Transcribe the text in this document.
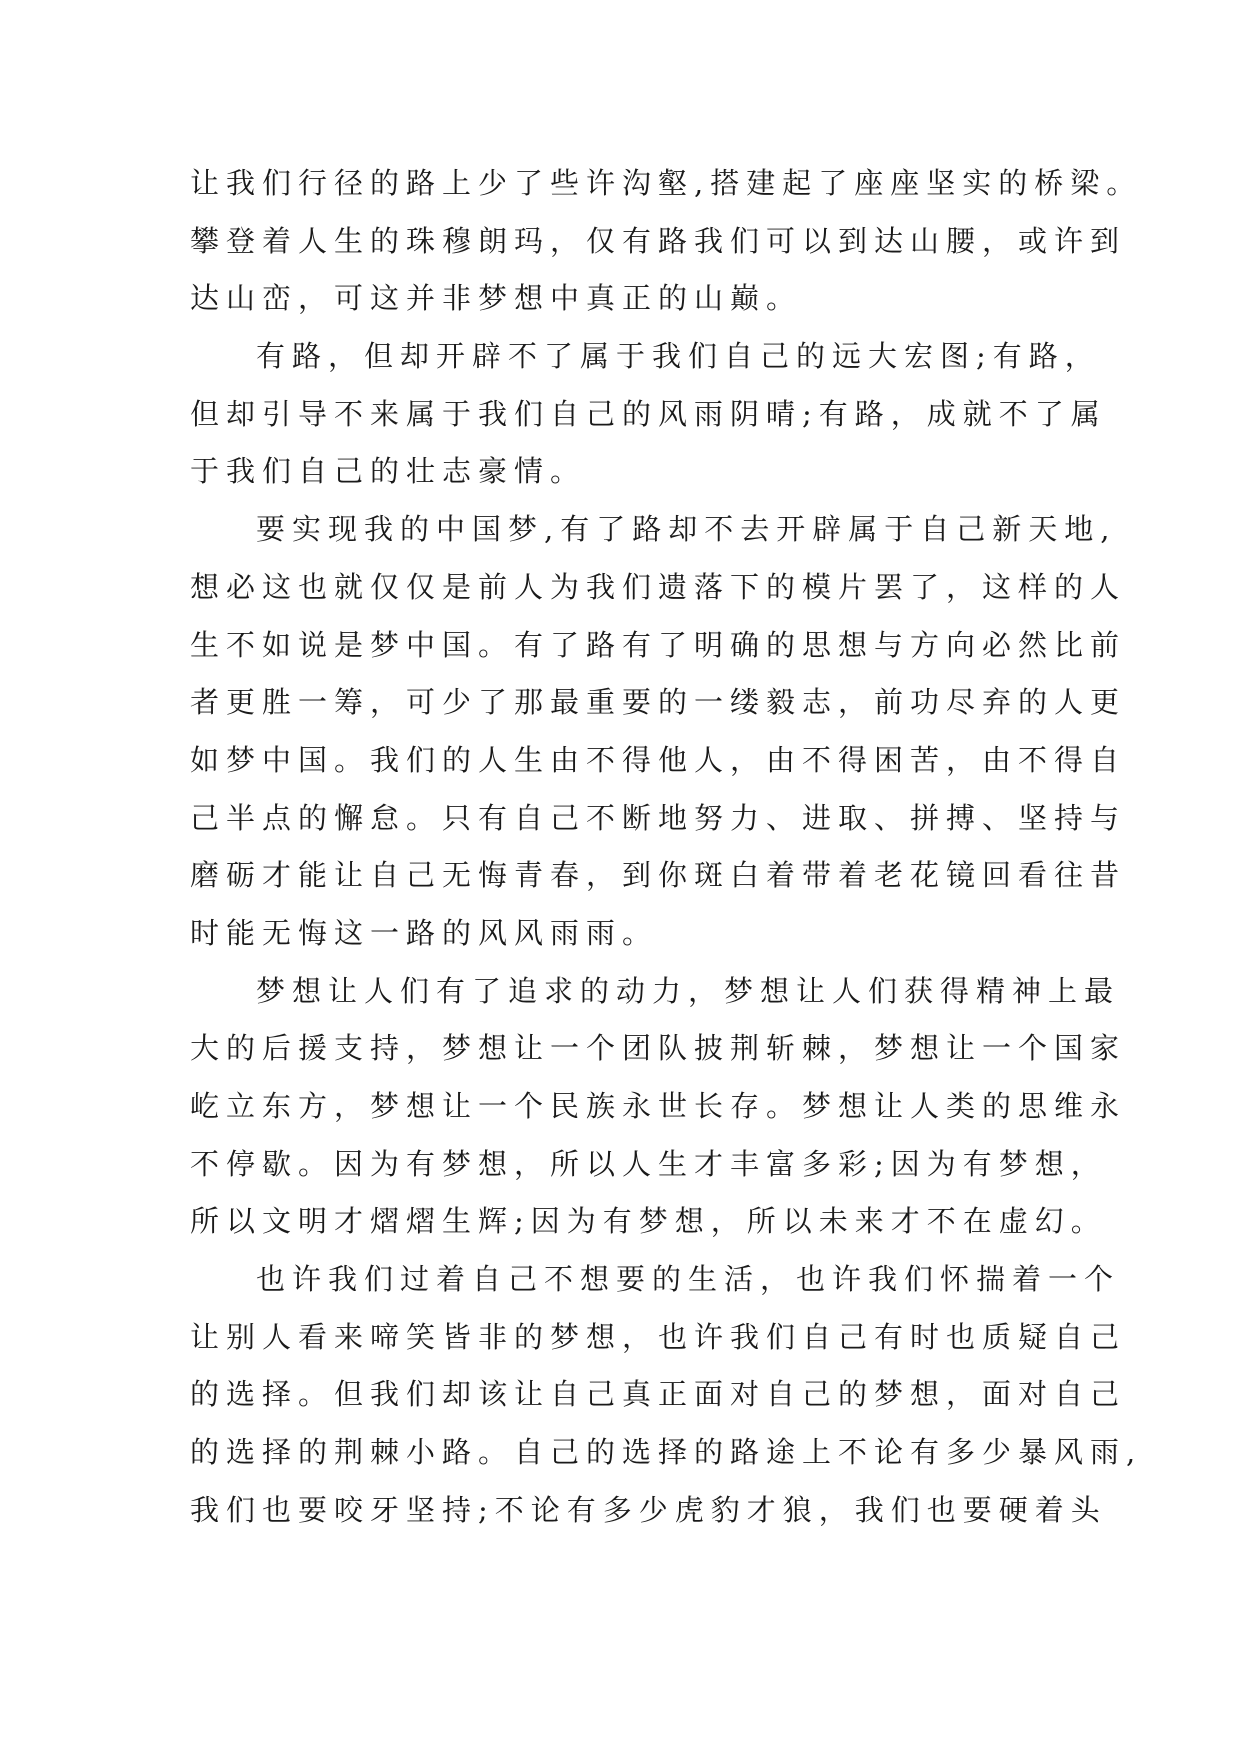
让我们行径的路上少了些许沟壑,搭建起了座座坚实的桥梁。
攀登着人生的珠穆朗玛，仅有路我们可以到达山腰，或许到
达山峦，可这并非梦想中真正的山巅。
有路，但却开辟不了属于我们自己的远大宏图;有路，
但却引导不来属于我们自己的风雨阴晴;有路，成就不了属
于我们自己的壮志豪情。
要实现我的中国梦,有了路却不去开辟属于自己新天地,
想必这也就仅仅是前人为我们遗落下的模片罢了，这样的人
生不如说是梦中国。有了路有了明确的思想与方向必然比前
者更胜一筹，可少了那最重要的一缕毅志，前功尽弃的人更
如梦中国。我们的人生由不得他人，由不得困苦，由不得自
己半点的懈怠。只有自己不断地努力、进取、拼搏、坚持与
磨砺才能让自己无悔青春，到你斑白着带着老花镜回看往昔
时能无悔这一路的风风雨雨。
梦想让人们有了追求的动力，梦想让人们获得精神上最
大的后援支持，梦想让一个团队披荆斩棘，梦想让一个国家
屹立东方，梦想让一个民族永世长存。梦想让人类的思维永
不停歇。因为有梦想，所以人生才丰富多彩;因为有梦想，
所以文明才熠熠生辉;因为有梦想，所以未来才不在虚幻。
也许我们过着自己不想要的生活，也许我们怀揣着一个
让别人看来啼笑皆非的梦想，也许我们自己有时也质疑自己
的选择。但我们却该让自己真正面对自己的梦想，面对自己
的选择的荆棘小路。自己的选择的路途上不论有多少暴风雨,
我们也要咬牙坚持;不论有多少虎豹才狼，我们也要硬着头
